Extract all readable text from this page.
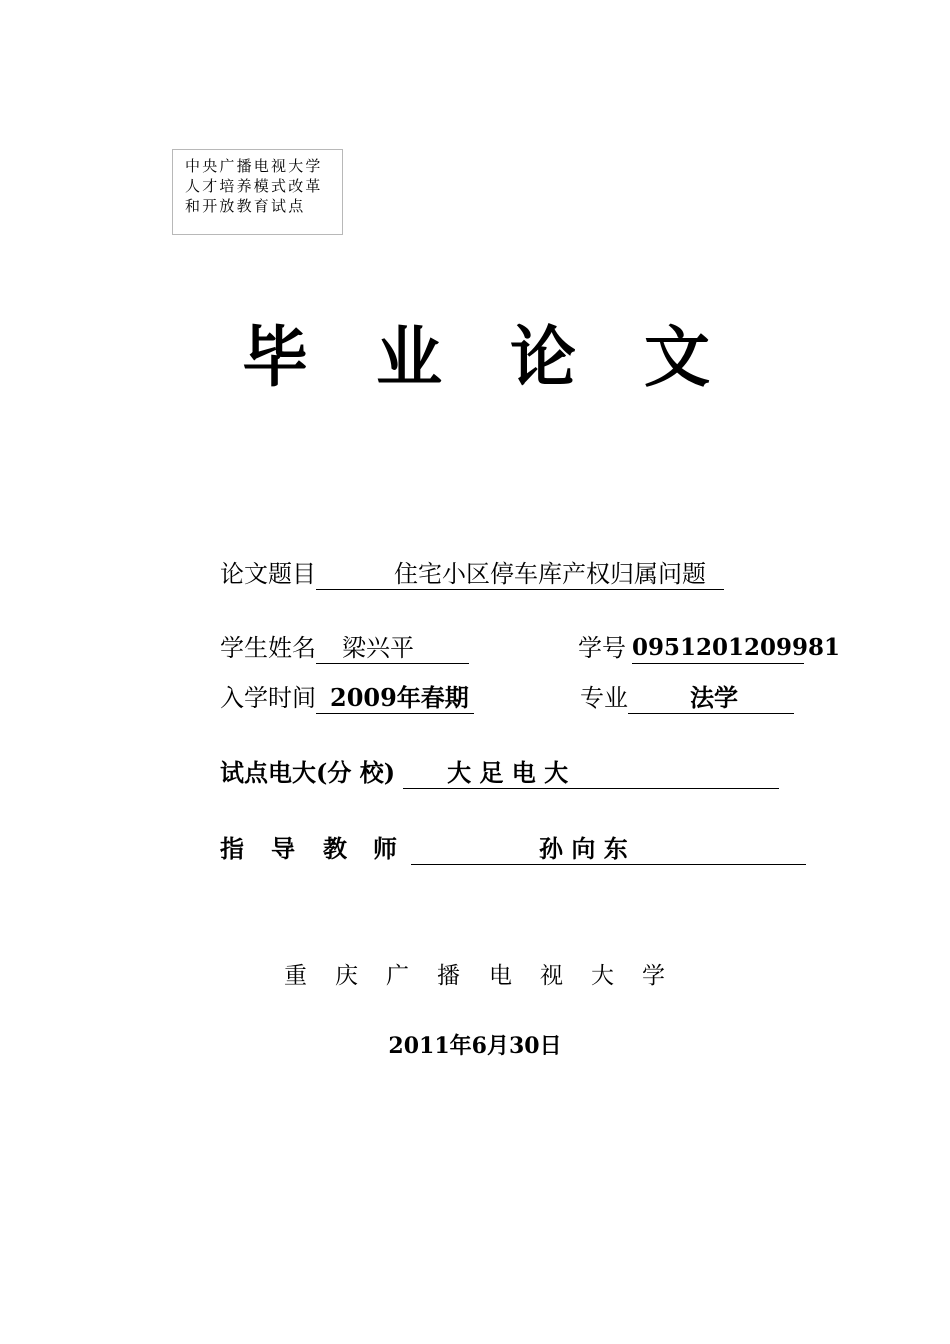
中央广播电视大学
人才培养模式改革
和开放教育试点
毕 业 论 文
论文题目	住宅小区停车库产权归属问题
学生姓名 梁兴平	学号 0951201209981
入学时间 2009年春期	专业	法学
试点电大(分 校) 大 足 电 大
指 导 教 师	孙 向 东
重 庆 广 播 电 视 大 学
2011年6月30日
